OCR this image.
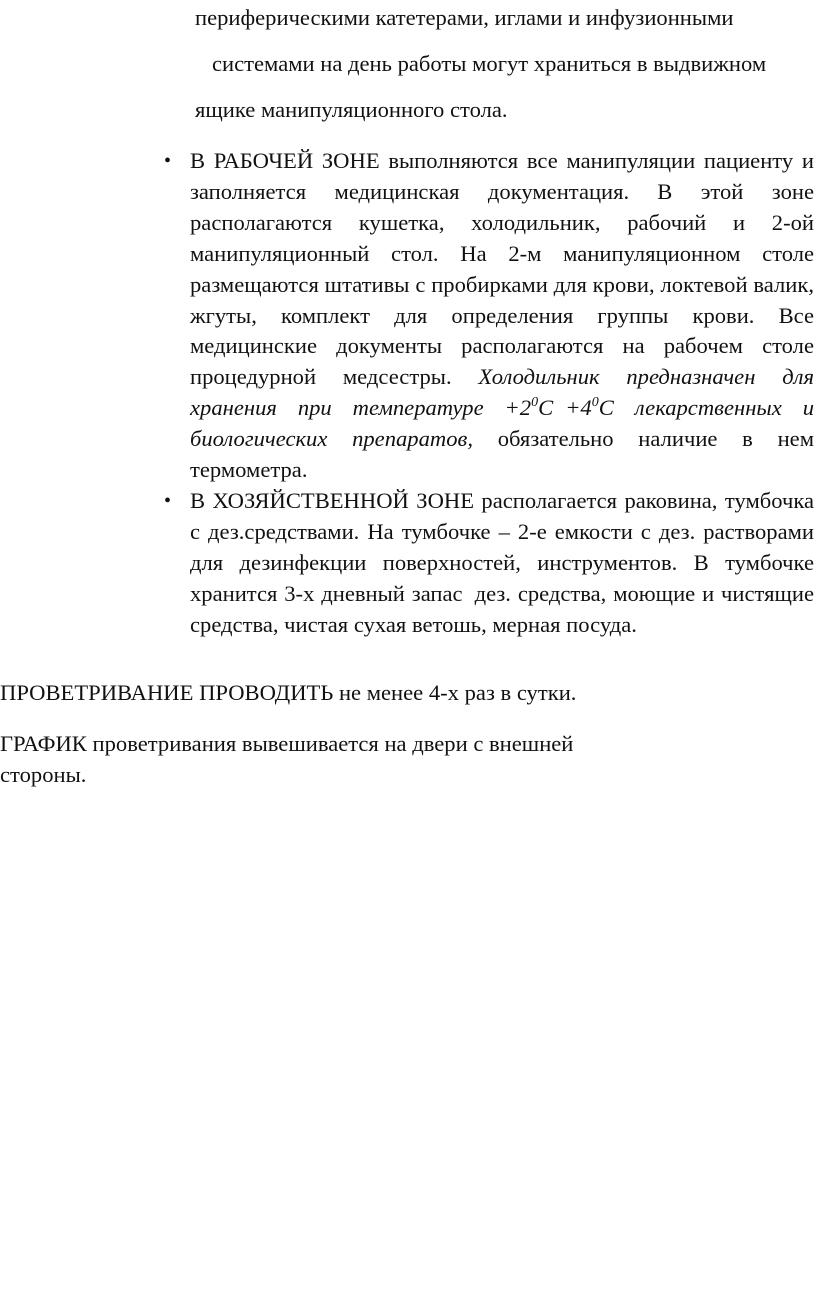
периферическими катетерами, иглами и инфузионными
системами на день работы могут храниться в выдвижном
ящике манипуляционного стола.
• В РАБОЧЕЙ ЗОНЕ выполняются все манипуляции пациенту и заполняется медицинская документация. В этой зоне располагаются кушетка, холодильник, рабочий и 2-ой манипуляционный стол. На 2-м манипуляционном столе размещаются штативы с пробирками для крови, локтевой валик, жгуты, комплект для определения группы крови. Все медицинские документы располагаются на рабочем столе процедурной медсестры. Холодильник предназначен для хранения при температуре $+2^0С +4^0С$ лекарственных и биологических препаратов, обязательно наличие в нем термометра.
• В ХОЗЯЙСТВЕННОЙ ЗОНЕ располагается раковина, тумбочка с дез.средствами. На тумбочке – 2-е емкости с дез. растворами для дезинфекции поверхностей, инструментов. В тумбочке хранится 3-х дневный запас дез. средства, моющие и чистящие средства, чистая сухая ветошь, мерная посуда.
ПРОВЕТРИВАНИЕ ПРОВОДИТЬ не менее 4-х раз в сутки.
ГРАФИК проветривания вывешивается на двери с внешней стороны.
